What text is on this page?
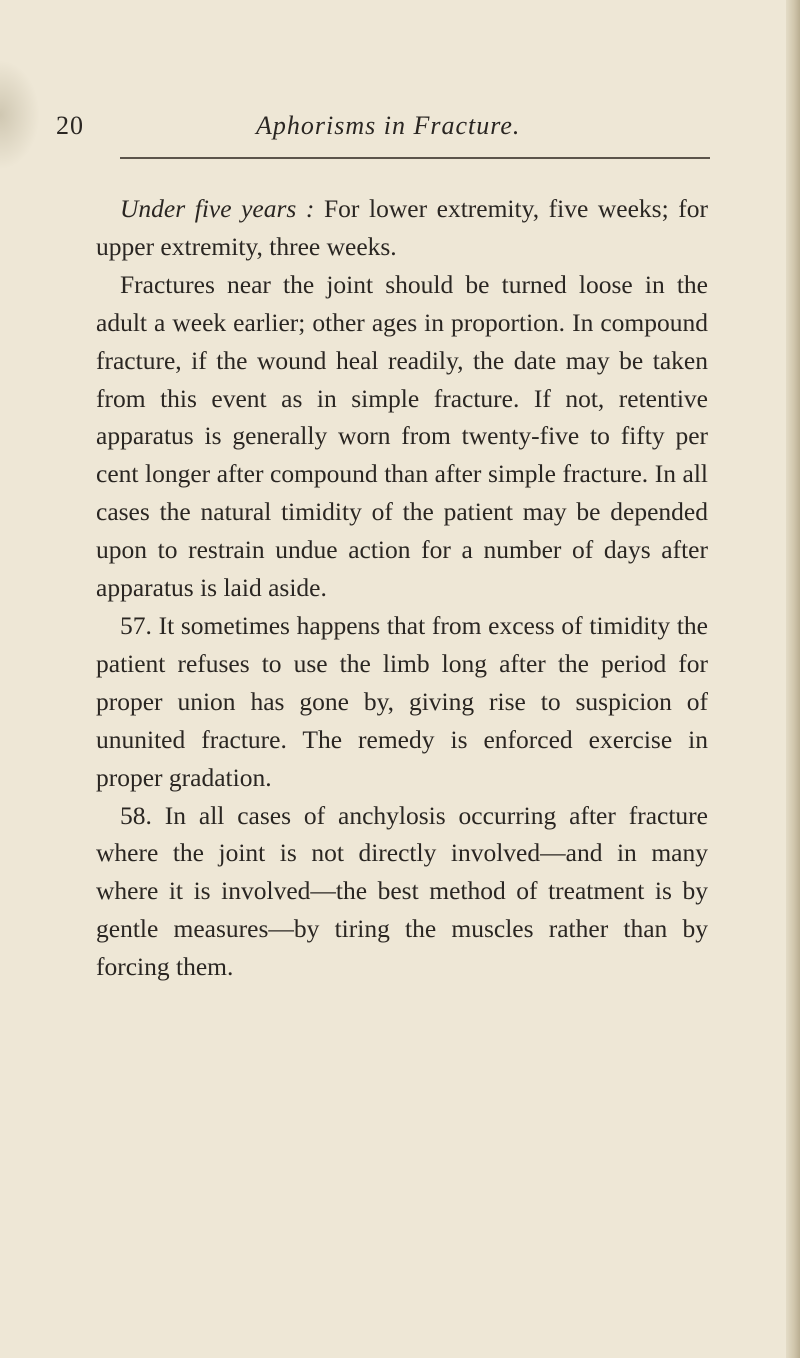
20	Aphorisms in Fracture.

Under five years : For lower extremity, five weeks; for upper extremity, three weeks.

Fractures near the joint should be turned loose in the adult a week earlier; other ages in proportion. In compound fracture, if the wound heal readily, the date may be taken from this event as in simple fracture. If not, retentive apparatus is generally worn from twenty-five to fifty per cent longer after compound than after simple fracture. In all cases the natural timidity of the patient may be depended upon to restrain undue action for a number of days after apparatus is laid aside.

57. It sometimes happens that from excess of timidity the patient refuses to use the limb long after the period for proper union has gone by, giving rise to suspicion of ununited fracture. The remedy is enforced exercise in proper gradation.

58. In all cases of anchylosis occurring after fracture where the joint is not directly involved—and in many where it is involved—the best method of treatment is by gentle measures—by tiring the muscles rather than by forcing them.
